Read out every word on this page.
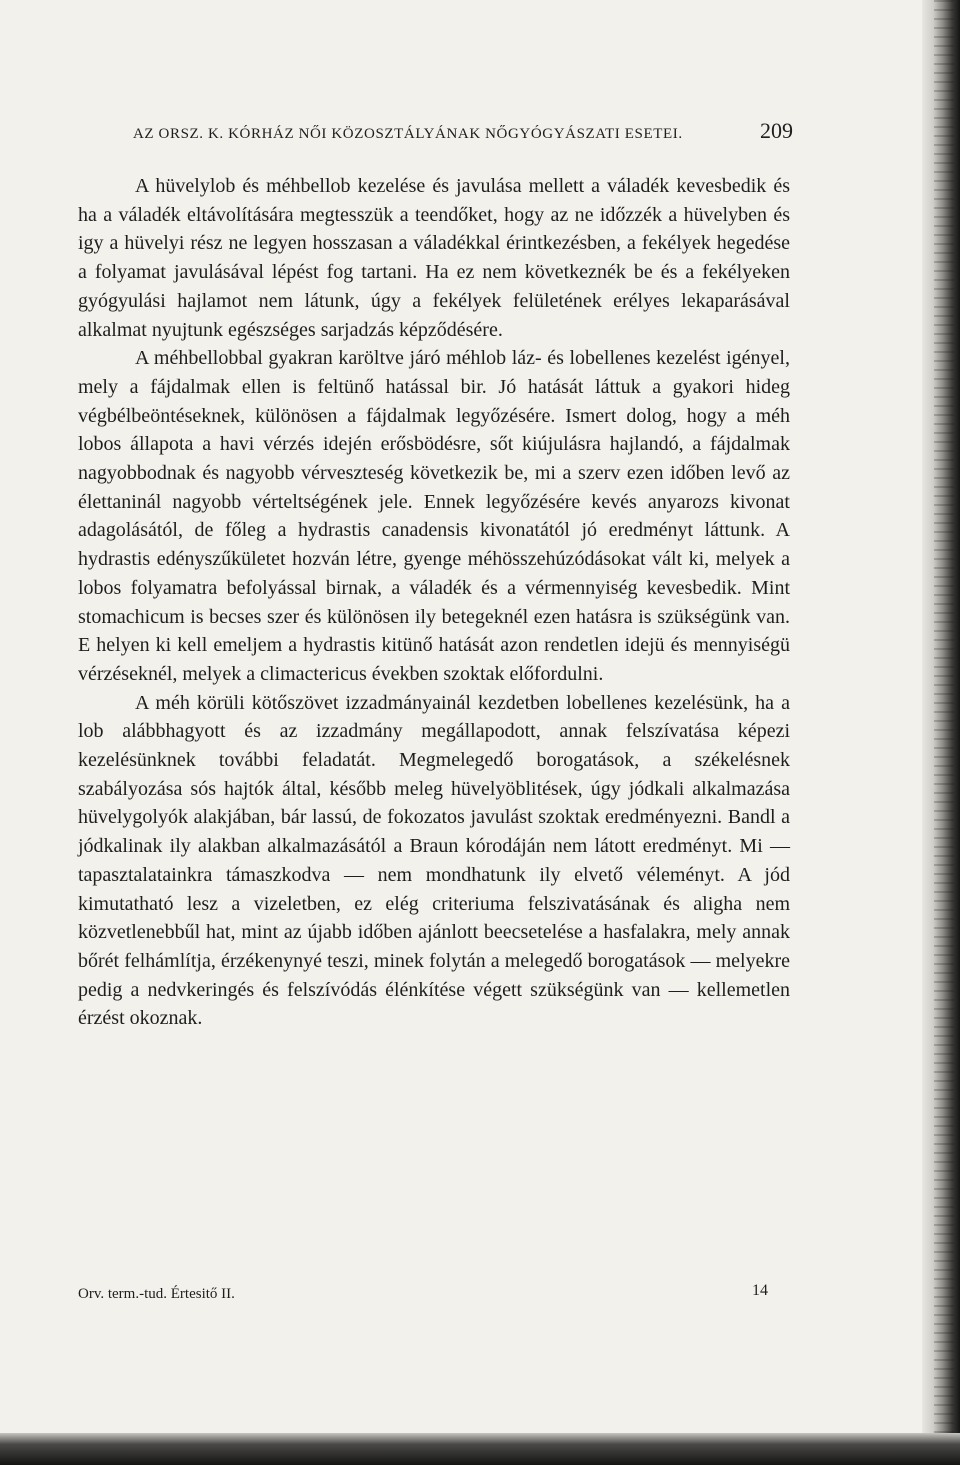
AZ ORSZ. K. KÓRHÁZ NŐI KÖZOSZTÁLYÁNAK NŐGYÓGYÁSZATI ESETEI.	209

A hüvelylob és méhbellob kezelése és javulása mellett a váladék kevesbedik és ha a váladék eltávolítására megtesszük a teendőket, hogy az ne időzzék a hüvelyben és igy a hüvelyi rész ne legyen hosszasan a váladékkal érintkezésben, a fekélyek hegedése a folyamat javulásával lépést fog tartani. Ha ez nem következnék be és a fekélyeken gyógyulási hajlamot nem látunk, úgy a fekélyek felületének erélyes lekaparásával alkalmat nyujtunk egészséges sarjadzás képződésére.

A méhbellobbal gyakran karöltve járó méhlob láz- és lobellenes kezelést igényel, mely a fájdalmak ellen is feltünő hatással bir. Jó hatását láttuk a gyakori hideg végbélbeöntéseknek, különösen a fájdalmak legyőzésére. Ismert dolog, hogy a méh lobos állapota a havi vérzés idején erősbödésre, sőt kiújulásra hajlandó, a fájdalmak nagyobbodnak és nagyobb vérveszteség következik be, mi a szerv ezen időben levő az élettaninál nagyobb vérteltségének jele. Ennek legyőzésére kevés anyarozs kivonat adagolásától, de főleg a hydrastis canadensis kivonatától jó eredményt láttunk. A hydrastis edényszűkületet hozván létre, gyenge méhösszehúzódásokat vált ki, melyek a lobos folyamatra befolyással birnak, a váladék és a vérmennyiség kevesbedik. Mint stomachicum is becses szer és különösen ily betegeknél ezen hatásra is szükségünk van. E helyen ki kell emeljem a hydrastis kitünő hatását azon rendetlen idejü és mennyiségü vérzéseknél, melyek a climactericus években szoktak előfordulni.

A méh körüli kötőszövet izzadmányainál kezdetben lobellenes kezelésünk, ha a lob alábbhagyott és az izzadmány megállapodott, annak felszívatása képezi kezelésünknek további feladatát. Megmelegedő borogatások, a székelésnek szabályozása sós hajtók által, később meleg hüvelyöblitések, úgy jódkali alkalmazása hüvelygolyók alakjában, bár lassú, de fokozatos javulást szoktak eredményezni. Bandl a jódkalinak ily alakban alkalmazásától a Braun kórodáján nem látott eredményt. Mi — tapasztalatainkra támaszkodva — nem mondhatunk ily elvető véleményt. A jód kimutatható lesz a vizeletben, ez elég criteriuma felszivatásának és aligha nem közvetlenebbűl hat, mint az újabb időben ajánlott beecsetelése a hasfalakra, mely annak bőrét felhámlítja, érzékenynyé teszi, minek folytán a melegedő borogatások — melyekre pedig a nedvkeringés és felszívódás élénkítése végett szükségünk van — kellemetlen érzést okoznak.

Orv. term.-tud. Értesitő II.	14
